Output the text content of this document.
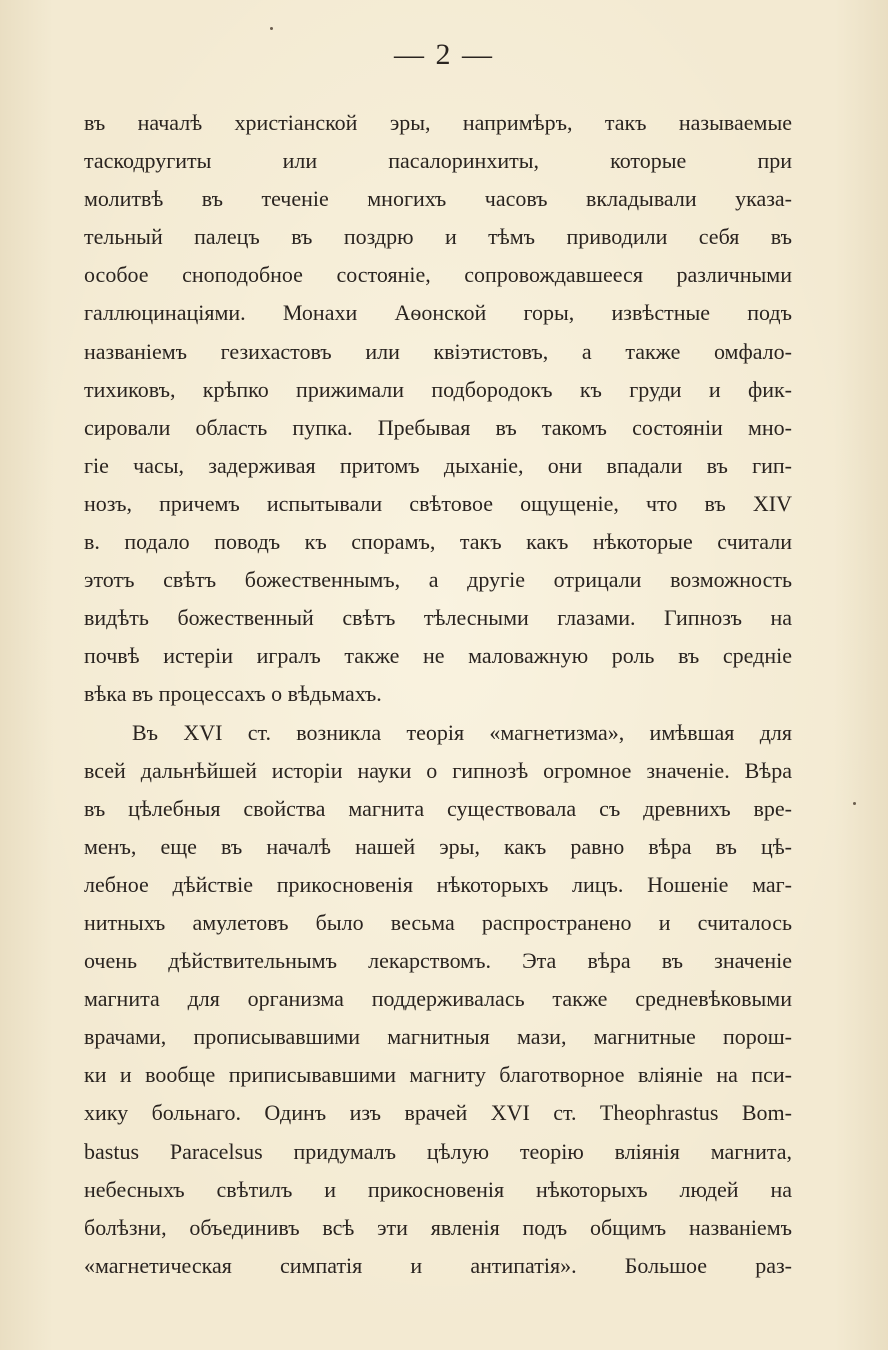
— 2 —
въ началѣ христіанской эры, напримѣръ, такъ называемые
таскодругиты или пасалоринхиты, которые при
молитвѣ въ теченіе многихъ часовъ вкладывали указа-
тельный палецъ въ поздрю и тѣмъ приводили себя въ
особое сноподобное состояніе, сопровождавшееся различными
галлюцинаціями. Монахи Аѳонской горы, извѣстные подъ
названіемъ гезихастовъ или квіэтистовъ, а также омфало-
тихиковъ, крѣпко прижимали подбородокъ къ груди и фик-
сировали область пупка. Пребывая въ такомъ состояніи мно-
гіе часы, задерживая притомъ дыханіе, они впадали въ гип-
нозъ, причемъ испытывали свѣтовое ощущеніе, что въ XIV
в. подало поводъ къ спорамъ, такъ какъ нѣкоторые считали
этотъ свѣтъ божественнымъ, а другіе отрицали возможность
видѣть божественный свѣтъ тѣлесными глазами. Гипнозъ на
почвѣ истеріи игралъ также не маловажную роль въ средніе
вѣка въ процессахъ о вѣдьмахъ.
Въ XVI ст. возникла теорія «магнетизма», имѣвшая для
всей дальнѣйшей исторіи науки о гипнозѣ огромное значеніе. Вѣра
въ цѣлебныя свойства магнита существовала съ древнихъ вре-
менъ, еще въ началѣ нашей эры, какъ равно вѣра въ цѣ-
лебное дѣйствіе прикосновенія нѣкоторыхъ лицъ. Ношеніе маг-
нитныхъ амулетовъ было весьма распространено и считалось
очень дѣйствительнымъ лекарствомъ. Эта вѣра въ значеніе
магнита для организма поддерживалась также средневѣковыми
врачами, прописывавшими магнитныя мази, магнитные порош-
ки и вообще приписывавшими магниту благотворное вліяніе на пси-
хику больнаго. Одинъ изъ врачей XVI ст. Theophrastus Bom-
bastus Paracelsus придумалъ цѣлую теорію вліянія магнита,
небесныхъ свѣтилъ и прикосновенія нѣкоторыхъ людей на
болѣзни, объединивъ всѣ эти явленія подъ общимъ названіемъ
«магнетическая симпатія и антипатія». Большое раз-
